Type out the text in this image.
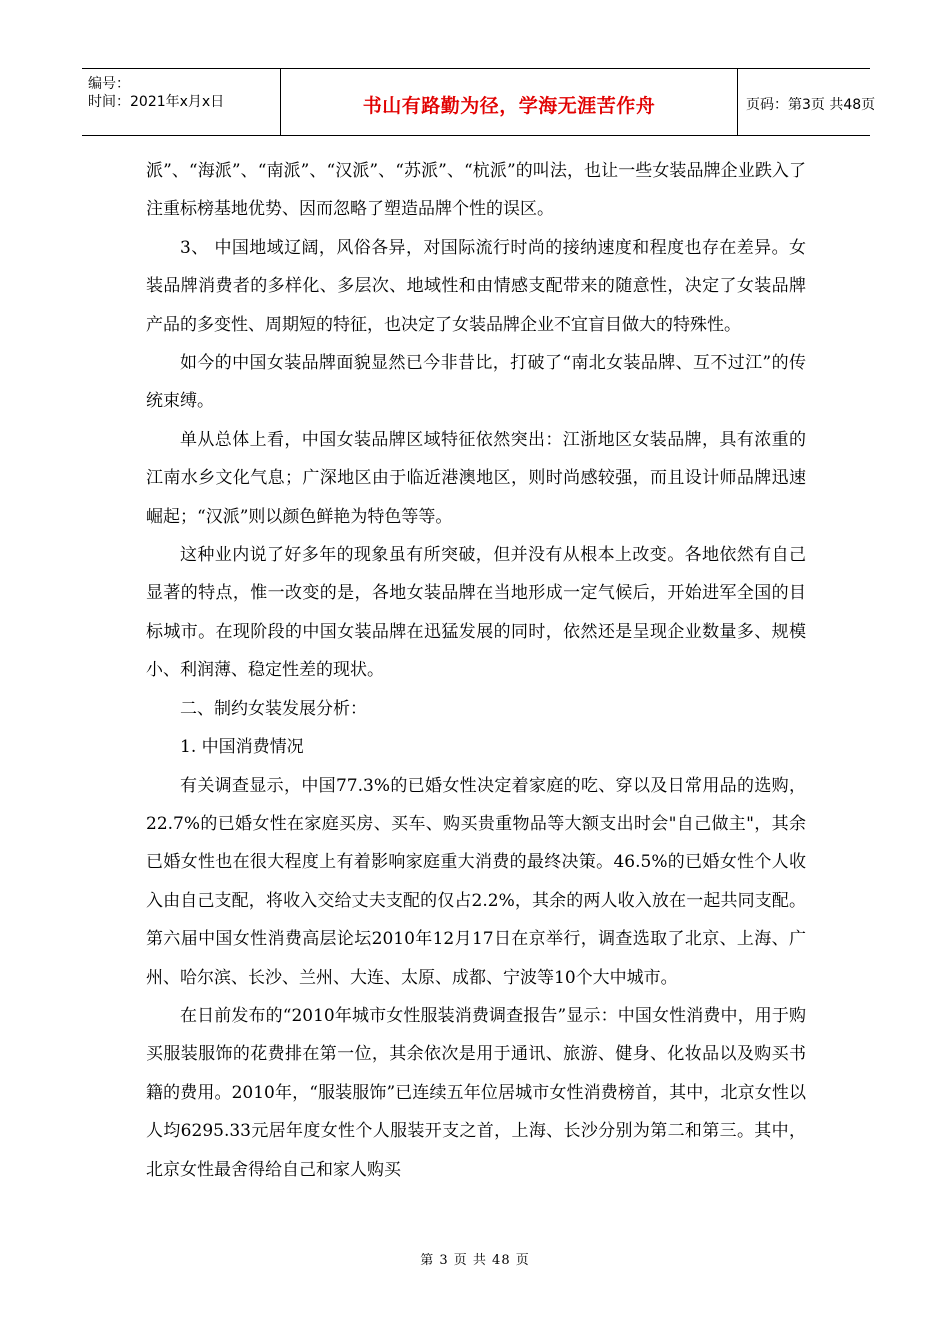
编号：
时间：2021年x月x日	书山有路勤为径，学海无涯苦作舟	页码：第3页 共48页

派”、“海派”、“南派”、“汉派”、“苏派”、“杭派”的叫法，也让一些女装品牌企业跌入了注重标榜基地优势、因而忽略了塑造品牌个性的误区。

3、 中国地域辽阔，风俗各异，对国际流行时尚的接纳速度和程度也存在差异。女装品牌消费者的多样化、多层次、地域性和由情感支配带来的随意性，决定了女装品牌产品的多变性、周期短的特征，也决定了女装品牌企业不宜盲目做大的特殊性。

如今的中国女装品牌面貌显然已今非昔比，打破了“南北女装品牌、互不过江”的传统束缚。

单从总体上看，中国女装品牌区域特征依然突出：江浙地区女装品牌，具有浓重的江南水乡文化气息；广深地区由于临近港澳地区，则时尚感较强，而且设计师品牌迅速崛起；“汉派”则以颜色鲜艳为特色等等。

这种业内说了好多年的现象虽有所突破，但并没有从根本上改变。各地依然有自己显著的特点，惟一改变的是，各地女装品牌在当地形成一定气候后，开始进军全国的目标城市。在现阶段的中国女装品牌在迅猛发展的同时，依然还是呈现企业数量多、规模小、利润薄、稳定性差的现状。

二、制约女装发展分析：

1. 中国消费情况

有关调查显示，中国77.3%的已婚女性决定着家庭的吃、穿以及日常用品的选购，22.7%的已婚女性在家庭买房、买车、购买贵重物品等大额支出时会"自己做主"，其余已婚女性也在很大程度上有着影响家庭重大消费的最终决策。46.5%的已婚女性个人收入由自己支配，将收入交给丈夫支配的仅占2.2%，其余的两人收入放在一起共同支配。第六届中国女性消费高层论坛2010年12月17日在京举行，调查选取了北京、上海、广州、哈尔滨、长沙、兰州、大连、太原、成都、宁波等10个大中城市。

在日前发布的“2010年城市女性服装消费调查报告”显示：中国女性消费中，用于购买服装服饰的花费排在第一位，其余依次是用于通讯、旅游、健身、化妆品以及购买书籍的费用。2010年，“服装服饰”已连续五年位居城市女性消费榜首，其中，北京女性以人均6295.33元居年度女性个人服装开支之首，上海、长沙分别为第二和第三。其中，北京女性最舍得给自己和家人购买

第 3 页 共 48 页
